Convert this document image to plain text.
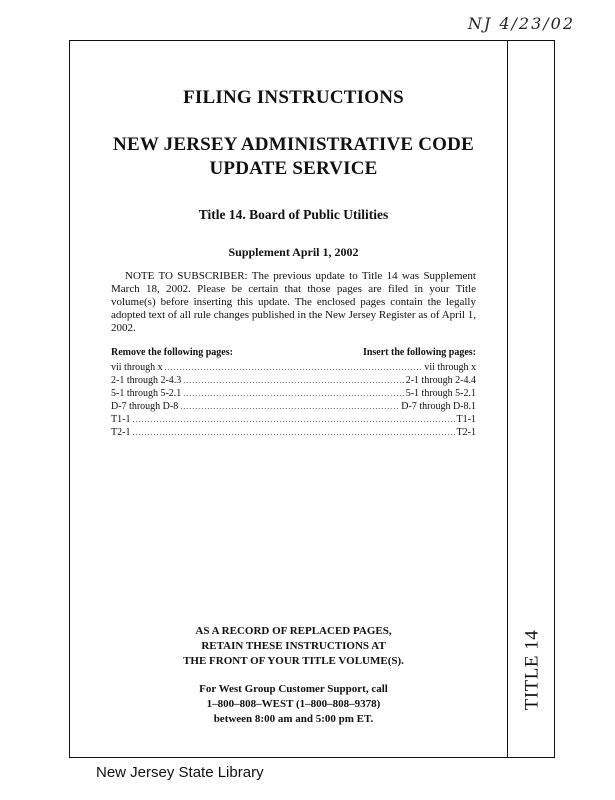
NJ 4/23/02
TITLE 14
FILING INSTRUCTIONS
NEW JERSEY ADMINISTRATIVE CODE
UPDATE SERVICE
Title 14. Board of Public Utilities
Supplement April 1, 2002
NOTE TO SUBSCRIBER: The previous update to Title 14 was Supplement March 18, 2002. Please be certain that those pages are filed in your Title volume(s) before inserting this update. The enclosed pages contain the legally adopted text of all rule changes published in the New Jersey Register as of April 1, 2002.
Remove the following pages:	Insert the following pages:
vii through x .....	vii through x
2-1 through 2-4.3 .....	2-1 through 2-4.4
5-1 through 5-2.1 .....	5-1 through 5-2.1
D-7 through D-8 .....	D-7 through D-8.1
T1-1 .....	T1-1
T2-1 .....	T2-1
AS A RECORD OF REPLACED PAGES,
RETAIN THESE INSTRUCTIONS AT
THE FRONT OF YOUR TITLE VOLUME(S).
For West Group Customer Support, call
1–800–808–WEST (1–800–808–9378)
between 8:00 am and 5:00 pm ET.
New Jersey State Library
